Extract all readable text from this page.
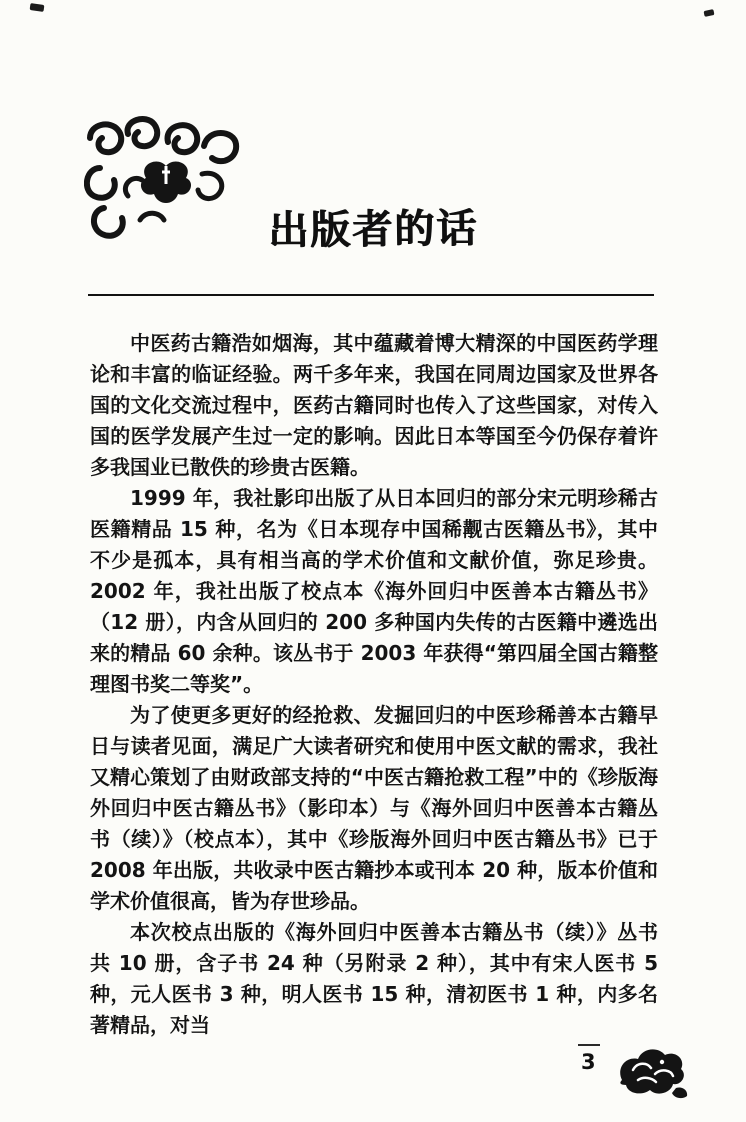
出版者的话

中医药古籍浩如烟海，其中蕴藏着博大精深的中国医药学理论和丰富的临证经验。两千多年来，我国在同周边国家及世界各国的文化交流过程中，医药古籍同时也传入了这些国家，对传入国的医学发展产生过一定的影响。因此日本等国至今仍保存着许多我国业已散佚的珍贵古医籍。

1999 年，我社影印出版了从日本回归的部分宋元明珍稀古医籍精品 15 种，名为《日本现存中国稀觏古医籍丛书》，其中不少是孤本，具有相当高的学术价值和文献价值，弥足珍贵。2002 年，我社出版了校点本《海外回归中医善本古籍丛书》（12 册），内含从回归的 200 多种国内失传的古医籍中遴选出来的精品 60 余种。该丛书于 2003 年获得“第四届全国古籍整理图书奖二等奖”。

为了使更多更好的经抢救、发掘回归的中医珍稀善本古籍早日与读者见面，满足广大读者研究和使用中医文献的需求，我社又精心策划了由财政部支持的“中医古籍抢救工程”中的《珍版海外回归中医古籍丛书》（影印本）与《海外回归中医善本古籍丛书（续）》（校点本），其中《珍版海外回归中医古籍丛书》已于 2008 年出版，共收录中医古籍抄本或刊本 20 种，版本价值和学术价值很高，皆为存世珍品。

本次校点出版的《海外回归中医善本古籍丛书（续）》丛书共 10 册，含子书 24 种（另附录 2 种），其中有宋人医书 5 种，元人医书 3 种，明人医书 15 种，清初医书 1 种，内多名著精品，对当

3
